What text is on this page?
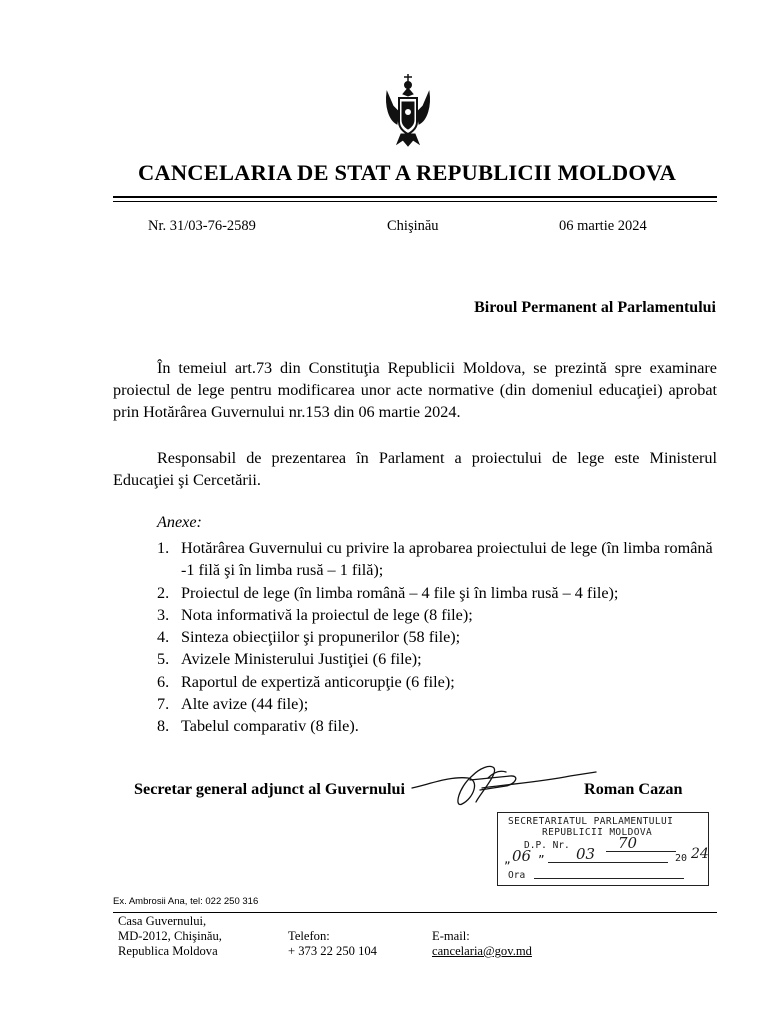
CANCELARIA DE STAT A REPUBLICII MOLDOVA
Nr. 31/03-76-2589	Chişinău	06 martie 2024
Biroul Permanent al Parlamentului
În temeiul art.73 din Constituţia Republicii Moldova, se prezintă spre examinare proiectul de lege pentru modificarea unor acte normative (din domeniul educaţiei) aprobat prin Hotărârea Guvernului nr.153 din 06 martie 2024.
Responsabil de prezentarea în Parlament a proiectului de lege este Ministerul Educaţiei şi Cercetării.
Anexe:
1. Hotărârea Guvernului cu privire la aprobarea proiectului de lege (în limba română -1 filă şi în limba rusă – 1 filă);
2. Proiectul de lege (în limba română – 4 file şi în limba rusă – 4 file);
3. Nota informativă la proiectul de lege (8 file);
4. Sinteza obiecţiilor şi propunerilor (58 file);
5. Avizele Ministerului Justiţiei (6 file);
6. Raportul de expertiză anticorupţie (6 file);
7. Alte avize (44 file);
8. Tabelul comparativ (8 file).
Secretar general adjunct al Guvernului	Roman Cazan
SECRETARIATUL PARLAMENTULUI
REPUBLICII MOLDOVA
D.P. Nr.	70
„ 06 ” 03	20 24
Ora
Ex. Ambrosii Ana, tel: 022 250 316
Casa Guvernului,
MD-2012, Chişinău,
Republica Moldova
Telefon:
+ 373 22 250 104
E-mail:
cancelaria@gov.md
